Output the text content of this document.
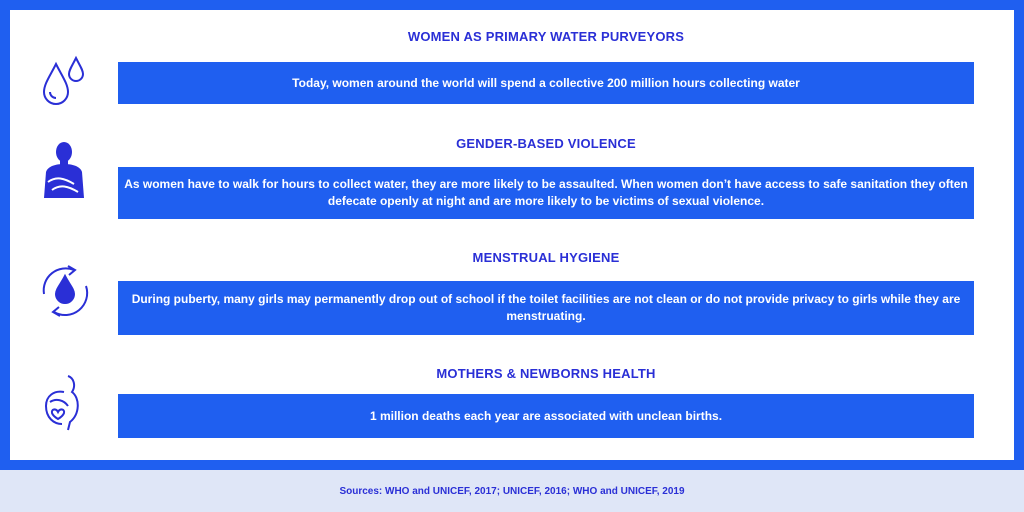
WOMEN AS PRIMARY WATER PURVEYORS
Today, women around the world will spend a collective 200 million hours collecting water
GENDER-BASED VIOLENCE
As women have to walk for hours to collect water, they are more likely to be assaulted. When women don’t have access to safe sanitation they often defecate openly at night and are more likely to be victims of sexual violence.
MENSTRUAL HYGIENE
During puberty, many girls may permanently drop out of school if the toilet facilities are not clean or do not provide privacy to girls while they are menstruating.
MOTHERS & NEWBORNS HEALTH
1 million deaths each year are associated with unclean births.
Sources: WHO and UNICEF, 2017; UNICEF, 2016; WHO and UNICEF, 2019
